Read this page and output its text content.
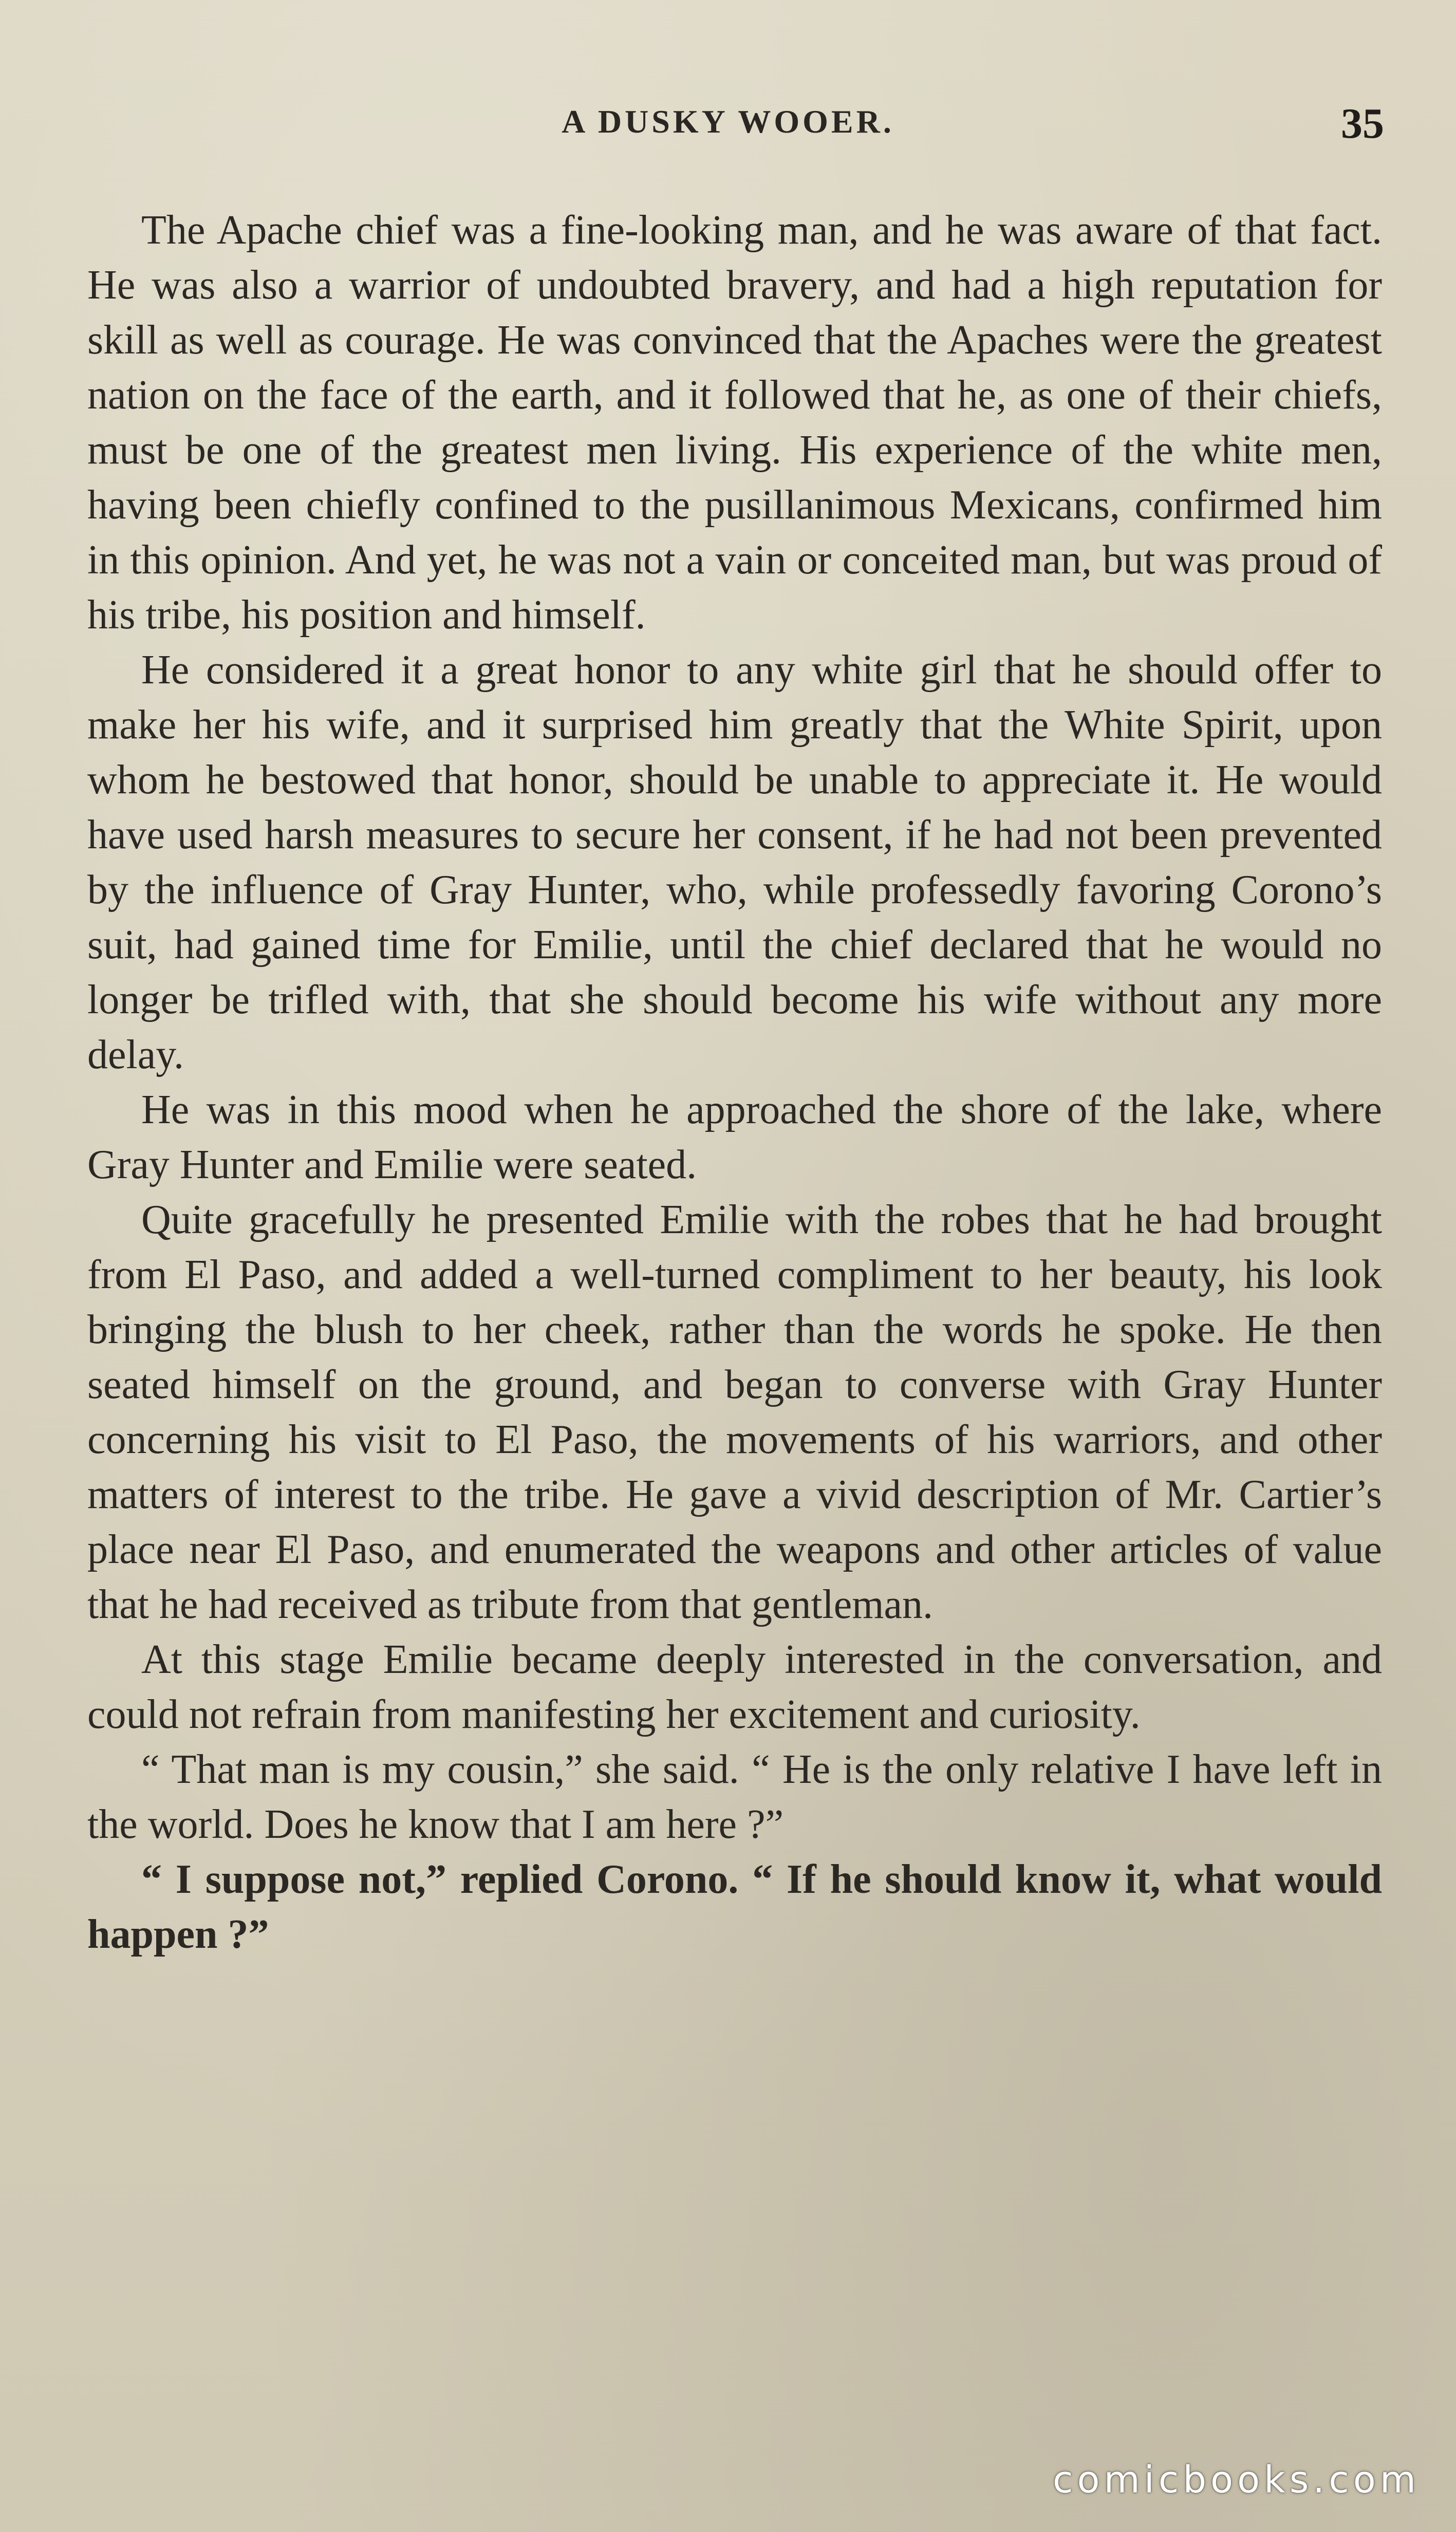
A DUSKY WOOER.	35

The Apache chief was a fine-looking man, and he was aware of that fact. He was also a warrior of undoubted bravery, and had a high reputation for skill as well as courage. He was convinced that the Apaches were the greatest nation on the face of the earth, and it followed that he, as one of their chiefs, must be one of the greatest men living. His experience of the white men, having been chiefly confined to the pusillanimous Mexicans, confirmed him in this opinion. And yet, he was not a vain or conceited man, but was proud of his tribe, his position and himself.

He considered it a great honor to any white girl that he should offer to make her his wife, and it surprised him greatly that the White Spirit, upon whom he bestowed that honor, should be unable to appreciate it. He would have used harsh measures to secure her consent, if he had not been prevented by the influence of Gray Hunter, who, while professedly favoring Corono’s suit, had gained time for Emilie, until the chief declared that he would no longer be trifled with, that she should become his wife without any more delay.

He was in this mood when he approached the shore of the lake, where Gray Hunter and Emilie were seated.

Quite gracefully he presented Emilie with the robes that he had brought from El Paso, and added a well-turned compliment to her beauty, his look bringing the blush to her cheek, rather than the words he spoke. He then seated himself on the ground, and began to converse with Gray Hunter concerning his visit to El Paso, the movements of his warriors, and other matters of interest to the tribe. He gave a vivid description of Mr. Cartier’s place near El Paso, and enumerated the weapons and other articles of value that he had received as tribute from that gentleman.

At this stage Emilie became deeply interested in the conversation, and could not refrain from manifesting her excitement and curiosity.

“ That man is my cousin,” she said. “ He is the only relative I have left in the world. Does he know that I am here ?”

“ I suppose not,” replied Corono. “ If he should know it, what would happen ?”

comicbooks.com
